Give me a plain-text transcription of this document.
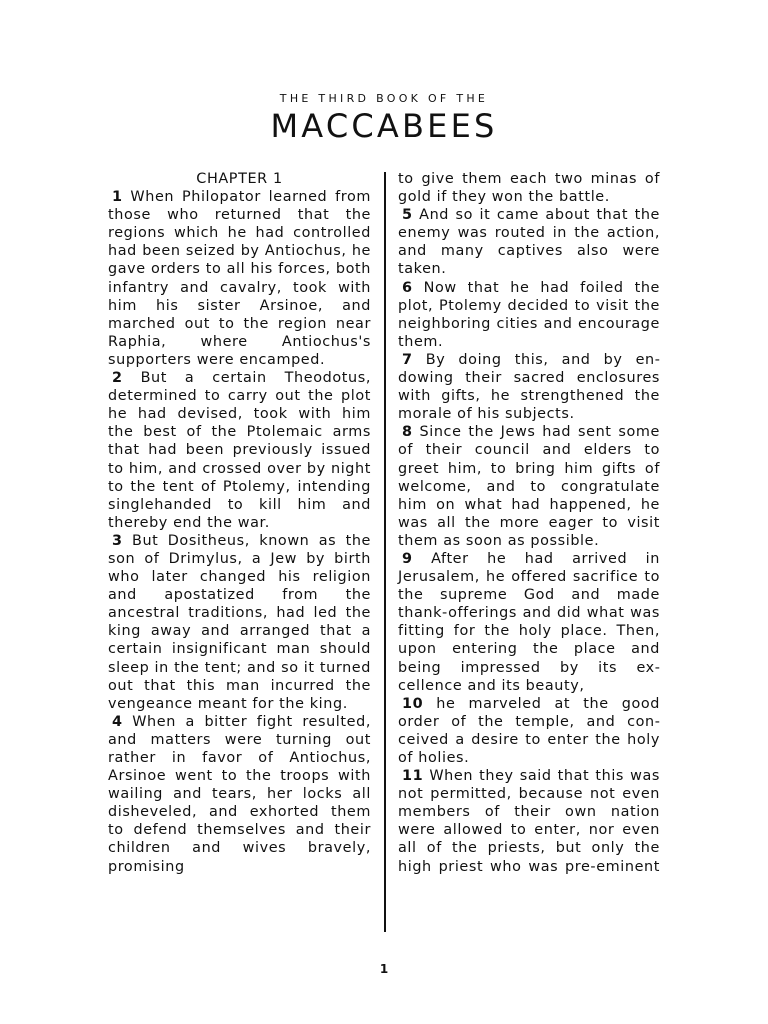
THE THIRD BOOK OF THE
MACCABEES
CHAPTER 1
1 When Philopator learned from those who returned that the regions which he had controlled had been seized by Antiochus, he gave orders to all his forces, both infantry and cavalry, took with him his sister Arsinoe, and marched out to the region near Raphia, where Antiochus's supporters were encamped.
2 But a certain Theodotus, determined to carry out the plot he had devised, took with him the best of the Ptolemaic arms that had been previously issued to him, and crossed over by night to the tent of Ptolemy, intending singlehanded to kill him and thereby end the war.
3 But Dositheus, known as the son of Drimylus, a Jew by birth who later changed his religion and apostatized from the ancestral traditions, had led the king away and arranged that a certain insignificant man should sleep in the tent; and so it turned out that this man incurred the vengeance meant for the king.
4 When a bitter fight resulted, and matters were turning out rather in favor of Antiochus, Arsinoe went to the troops with wailing and tears, her locks all disheveled, and exhorted them to defend themselves and their children and wives bravely, promising
to give them each two minas of gold if they won the battle.
5 And so it came about that the enemy was routed in the action, and many captives also were taken.
6 Now that he had foiled the plot, Ptolemy decided to visit the neighboring cities and encourage them.
7 By doing this, and by endowing their sacred enclosures with gifts, he strengthened the morale of his subjects.
8 Since the Jews had sent some of their council and elders to greet him, to bring him gifts of welcome, and to congratulate him on what had happened, he was all the more eager to visit them as soon as possible.
9 After he had arrived in Jerusalem, he offered sacrifice to the supreme God and made thank-offerings and did what was fitting for the holy place. Then, upon entering the place and being impressed by its excellence and its beauty,
10 he marveled at the good order of the temple, and conceived a desire to enter the holy of holies.
11 When they said that this was not permitted, because not even members of their own nation were allowed to enter, nor even all of the priests, but only the high priest who was pre-eminent
1
